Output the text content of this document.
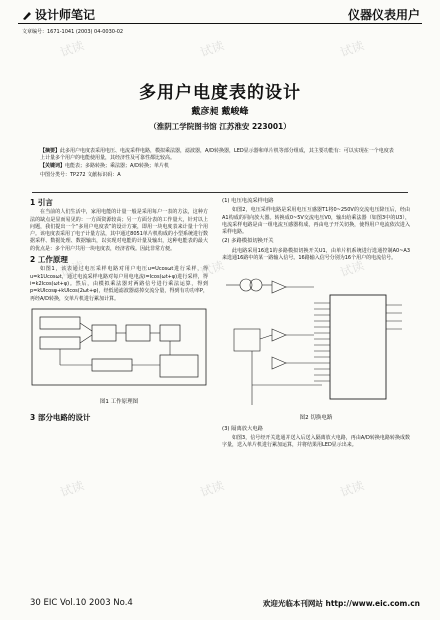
设计师笔记	仪器仪表用户
文章编号：1671-1041 (2003) 04-0030-02
多用户电度表的设计
戴彦昶 戴峻峰
（淮阴工学院图书馆 江苏淮安 223001）
【摘要】此多用户电度表采用电压、电流采样电路，模拟乘法器，滤波器，A/D转换器，LED显示器和单片机等部分组成，其主要功能有：可以实现在一个电度表上计量多个用户的电能使用量，其经济性及可靠性都比较高。
【关键词】电能表；多路转换；乘法器；A/D转换；单片机
中图分类号：TP272 文献标识码：A
1 引言
在当前的人们生活中，家用电能的计量一般是采用每户一表的方法，这种方法的缺点是显而易见的：一方面资源较高；另一方面分表的工作量大，针对以上问题，我们提出一个“多用户电度表”的设计方案，即用一块电度表来计量十个用户。该电度表采用了电子计量方法，其中通过8051单片机构成的小型系统进行数据采样、数据处理、数据输出，以实现对电能的计量及输出，这种电能表的最大的优点是：多个用户共用一块电度表，经济省线。因此非常方便。
2 工作原理
如图1，该表通过电压采样电路对用户电压u=Ucosωt进行采样，得u=k1Ucosωt，通过电流采样电路对每户用电电流i=Icos(ωt+φ)进行采样，得i=k2Icos(ωt+φ)。然后，由模拟乘法器对两路信号进行乘法运算，得到p=kUIcosφ+kUIcos(2ωt+φ)，经低通滤波器滤掉交流分量，得到有功功率P，再经A/D转换，交单片机进行累加计算。
图1 工作原理图
3 部分电路的设计
(1) 电压电流采样电路
如图2，电压采样电路是采用电压互感器T1将0~250V的交流电压降压后，经由A1构成的同向放大器。转换成0~5V交流电压V0，输出给乘法器（如图3中的U3），电流采样电路是由一组电流互感器构成，再由电子开关切换，使得用户电流依次进入采样电路。
(2) 多路模拟切换开关
此电路采用16选1的多路模拟切换开关U1，由单片机系统进行选通控制A0~A3来选通16路中的某一路输入信号。16路输入信号分别为16个用户的电流信号。
图2 切换电路
(3) 隔离放大电路
如图3，信号经开关选通并送入后送入隔离放大电路，再由A/D转换电路转换成数字量，送入单片机进行累加运算，并将结果用LED显示出来。
30 EIC Vol.10 2003 No.4	欢迎光临本刊网站 http://www.eic.com.cn
试读	试读	试读
试读	试读	试读
试读	试读	试读
